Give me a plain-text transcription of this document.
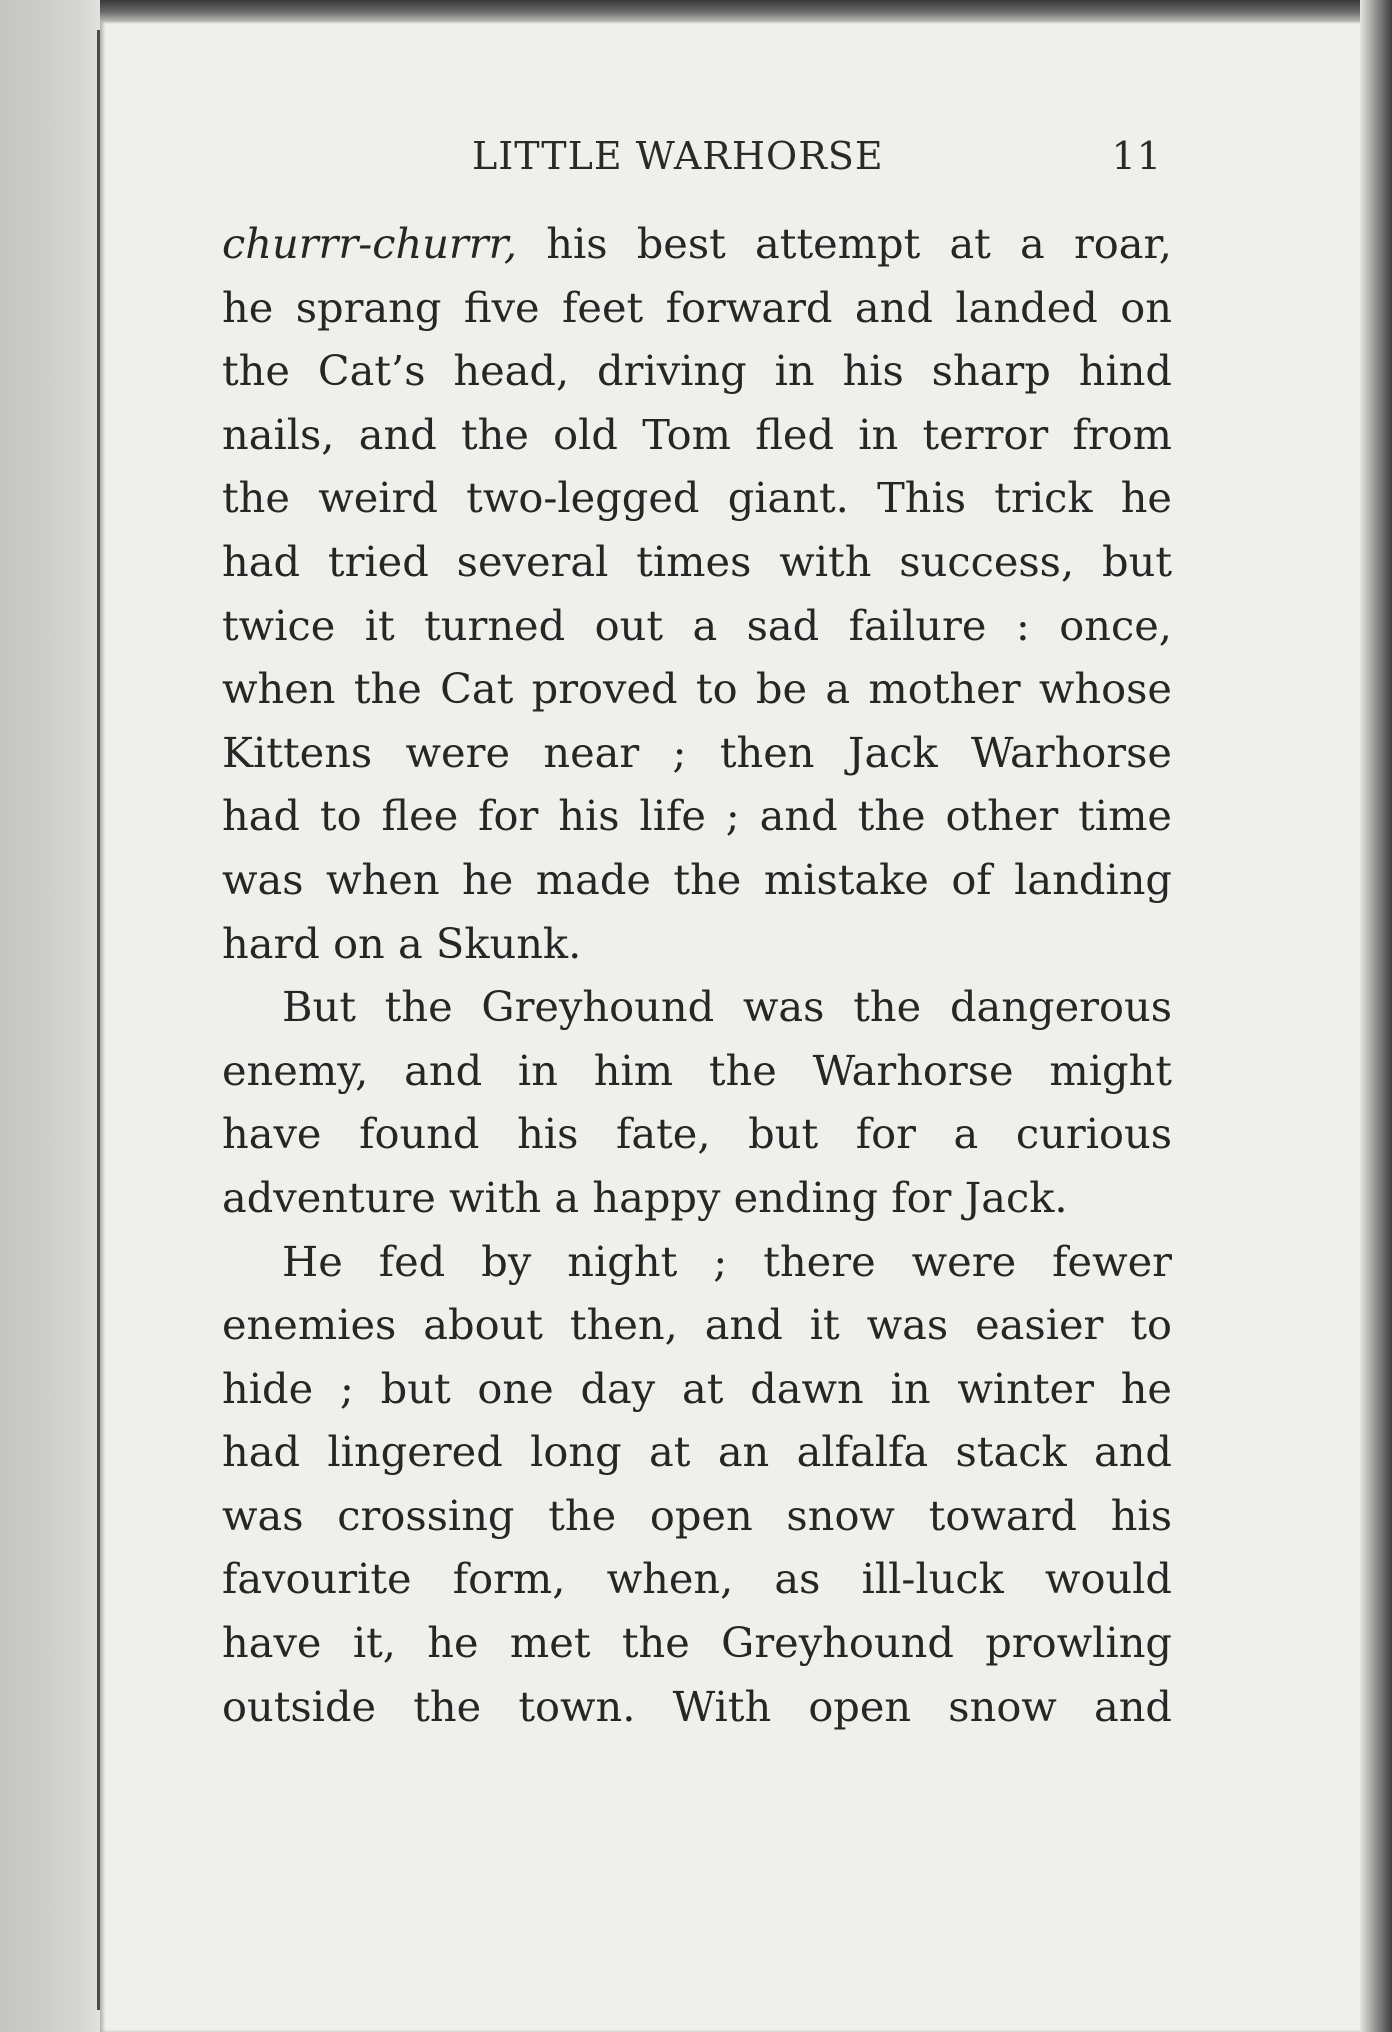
LITTLE WARHORSE	11
churrr-churrr, his best attempt at a roar,
he sprang five feet forward and landed on
the Cat’s head, driving in his sharp hind
nails, and the old Tom fled in terror from
the weird two-legged giant. This trick he
had tried several times with success, but
twice it turned out a sad failure : once,
when the Cat proved to be a mother whose
Kittens were near ; then Jack Warhorse
had to flee for his life ; and the other time
was when he made the mistake of landing
hard on a Skunk.
But the Greyhound was the dangerous
enemy, and in him the Warhorse might
have found his fate, but for a curious
adventure with a happy ending for Jack.
He fed by night ; there were fewer
enemies about then, and it was easier to
hide ; but one day at dawn in winter he
had lingered long at an alfalfa stack and
was crossing the open snow toward his
favourite form, when, as ill-luck would
have it, he met the Greyhound prowling
outside the town. With open snow and
